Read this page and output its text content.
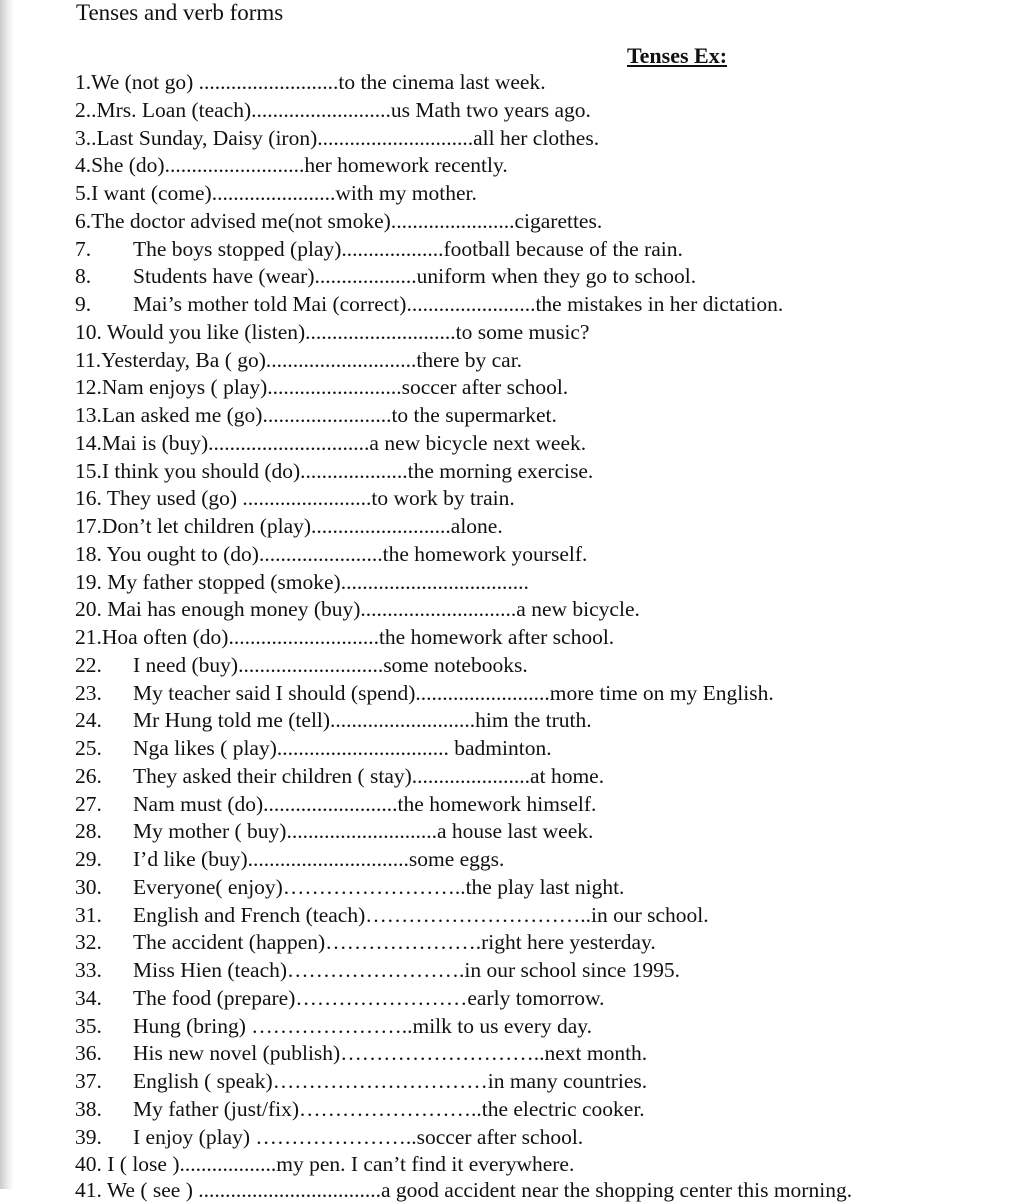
Tenses and verb forms
Tenses Ex:
1.We (not go) ..........................to the cinema last week.
2..Mrs. Loan (teach)..........................us Math two years ago.
3..Last Sunday, Daisy (iron).............................all her clothes.
4.She (do)..........................her homework recently.
5.I want (come).......................with my mother.
6.The doctor advised me(not smoke).......................cigarettes.
7. The boys stopped (play)...................football because of the rain.
8. Students have (wear)...................uniform when they go to school.
9. Mai’s mother told Mai (correct)........................the mistakes in her dictation.
10. Would you like (listen)............................to some music?
11.Yesterday, Ba ( go)............................there by car.
12.Nam enjoys ( play).........................soccer after school.
13.Lan asked me (go)........................to the supermarket.
14.Mai is (buy)..............................a new bicycle next week.
15.I think you should (do)....................the morning exercise.
16. They used (go) ........................to work by train.
17.Don’t let children (play)..........................alone.
18. You ought to (do).......................the homework yourself.
19. My father stopped (smoke)...................................
20. Mai has enough money (buy).............................a new bicycle.
21.Hoa often (do)............................the homework after school.
22. I need (buy)...........................some notebooks.
23. My teacher said I should (spend).........................more time on my English.
24. Mr Hung told me (tell)...........................him the truth.
25. Nga likes ( play)................................ badminton.
26. They asked their children ( stay)......................at home.
27. Nam must (do).........................the homework himself.
28. My mother ( buy)............................a house last week.
29. I’d like (buy)..............................some eggs.
30. Everyone( enjoy)……………………..the play last night.
31. English and French (teach)…………………………..in our school.
32. The accident (happen)………………….right here yesterday.
33. Miss Hien (teach)…………………….in our school since 1995.
34. The food (prepare)……………………early tomorrow.
35. Hung (bring) …………………..milk to us every day.
36. His new novel (publish)………………………..next month.
37. English ( speak)…………………………in many countries.
38. My father (just/fix)……………………..the electric cooker.
39. I enjoy (play) …………………..soccer after school.
40. I ( lose )..................my pen. I can’t find it everywhere.
41. We ( see ) ..................................a good accident near the shopping center this morning.
